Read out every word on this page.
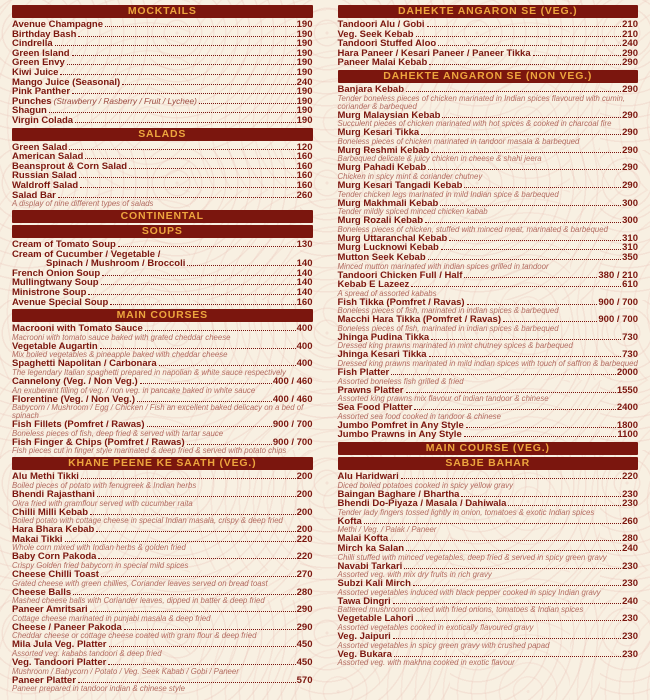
MOCKTAILS
Avenue Champagne	190
Birthday Bash	190
Cindrella	190
Green Island	190
Green Envy	190
Kiwi Juice	190
Mango Juice (Seasonal)	240
Pink Panther	190
Punches (Strawberry / Rasberry / Fruit / Lychee)	190
Shagun	190
Virgin Colada	190
SALADS
Green Salad	120
American Salad	160
Beansprout & Corn Salad	160
Russian Salad	160
Waldroff Salad	160
Salad Bar	260
A display of nine different types of salads
CONTINENTAL
SOUPS
Cream of Tomato Soup	130
Cream of Cucumber / Vegetable /
Spinach / Mushroom / Broccoli	140
French Onion Soup	140
Mullingtwany Soup	140
Ministrone Soup	140
Avenue Special Soup	160
MAIN COURSES
Macrooni with Tomato Sauce	400
Macrooni with tomato sauce baked with grated cheddar cheese
Vegetable Augartin	400
Mix boiled vegetables & pineapple baked with cheddar cheese
Spaghetti Napolitan / Carbonara	400
The legendary Italian spaghetti prepared in napolian & white sauce respectively
Cannelony (Veg. / Non Veg.)	400 / 460
An exuberant filling of veg. / non veg. in pancake baked in white sauce
Florentine (Veg. / Non Veg.)	400 / 460
Babycorn / Mushroom / Egg / Chicken / Fish an excellent baked delicacy on a bed of spinach
Fish Fillets (Pomfret / Rawas)	900 / 700
Boneless pieces of fish, deep fried & served with tartar sauce
Fish Finger & Chips (Pomfret / Rawas)	900 / 700
Fish pieces cut in finger style marinated & deep fried & served with potato chips
KHANE PEENE KE SAATH (VEG.)
Alu Methi Tikki	200
Boiled pieces of potato with fenugreek & Indian herbs
Bhendi Rajasthani	200
Okra fried with gramflour served with cucumber raita
Chilli Milli Kebab	200
Boiled potato with cottage cheese in special Indian masala, crispy & deep fried
Hara Bhara Kebab	200
Makai Tikki	220
Whole corn mixed with Indian herbs & golden fried
Baby Corn Pakoda	220
Crispy Golden fried babycorn in special mild spices
Cheese Chilli Toast	270
Grated cheese with green chillies, Coriander leaves served on bread toast
Cheese Balls	280
Mashed cheese balls with Coriander leaves, dipped in batter & deep fried
Paneer Amritsari	290
Cottage cheese marinated in punjabi masala & deep fried
Cheese / Paneer Pakoda	290
Cheddar cheese or cottage cheese coated with gram flour & deep fried
Mila Jula Veg. Platter	450
Assorted veg. kababs tandoori & deep fried
Veg. Tandoori Platter	450
Mushroom / Babycorn / Potato / Veg. Seek Kabab / Gobi / Paneer
Paneer Platter	570
Paneer prepared in tandoor indian & chinese style
DAHEKTE ANGARON SE (VEG.)
Tandoori Alu / Gobi	210
Veg. Seek Kebab	210
Tandoori Stuffed Aloo	240
Hara Paneer / Kesari Paneer / Paneer Tikka	290
Paneer Malai Kebab	290
DAHEKTE ANGARON SE (NON VEG.)
Banjara Kebab	290
Tender boneless pieces of chicken marinated in Indian spices flavoured with cumin, coriander & barbequed
Murg Malaysian Kebab	290
Succulent pieces of chicken marinated with hot spices & cooked in charcoal fire
Murg Kesari Tikka	290
Boneless pieces of chicken marinated in tandoor masala & barbequed
Murg Reshmi Kebab	290
Barbequed delicate & juicy chicken in cheese & shahi jeera
Murg Pahadi Kebab	290
Chicken in spicy mint & coriander chutney
Murg Kesari Tangadi Kebab	290
Tender chicken legs marinated in mild Indian spice & barbequed
Murg Makhmali Kebab	300
Tender mildly spiced minced chicken kabab
Murg Rozali Kebab	300
Boneless pieces of chicken, stuffed with minced meat, marinated & barbequed
Murg Uttaranchal Kebab	310
Murg Lucknowi Kebab	310
Mutton Seek Kebab	350
Minced mutton marinated with indian spices grilled in tandoor
Tandoori Chicken Full / Half	380 / 210
Kebab E Lazeez	610
A spread of assorted kababs
Fish Tikka (Pomfret / Ravas)	900 / 700
Boneless pieces of fish, marinated in indian spices & barbequed
Macchi Hara Tikka (Pomfret / Ravas)	900 / 700
Boneless pieces of fish, marinated in indian spices & barbequed
Jhinga Pudina Tikka	730
Dressed king prawns marinated in mint chutney spices & barbequed
Jhinga Kesari Tikka	730
Dressed king prawns marinated in mild indian spices with touch of saffron & barbequed
Fish Platter	2000
Assorted boneless fish grilled & fried
Prawns Platter	1550
Assorted king prawns mix flavour of indian tandoor & chinese
Sea Food Platter	2400
Assorted sea food cooked in tandoor & chinese
Jumbo Pomfret in Any Style	1800
Jumbo Prawns in Any Style	1100
MAIN COURSE (VEG.)
SABJE BAHAR
Alu Haridwari	220
Diced boiled potatoes cooked in spicy yellow gravy
Baingan Baghare / Bhartha	230
Bhendi Do-Piyaza / Masala / Dahiwala	230
Tender lady fingers tossed lightly in onion, tomatoes & exotic Indian spices
Kofta	260
Methi / Veg. / Palak / Paneer
Malai Kofta	280
Mirch ka Salan	240
Chilli stuffed with minced vegetables, deep fried & served in spicy green gravy
Navabi Tarkari	230
Assorted veg. with mix dry fruits in rich gravy
Subzi Kali Mirch	230
Assorted vegetables induced with black pepper cooked in spicy Indian gravy
Tawa Dingri	240
Battered mushroom cooked with fried onions, tomatoes & Indian spices
Vegetable Lahori	230
Assorted vegetables cooked in exotically flavoured gravy
Veg. Jaipuri	230
Assorted vegetables in spicy green gravy with crushed papad
Veg. Bukara	230
Assorted veg. with makhna cooked in exotic flavour
